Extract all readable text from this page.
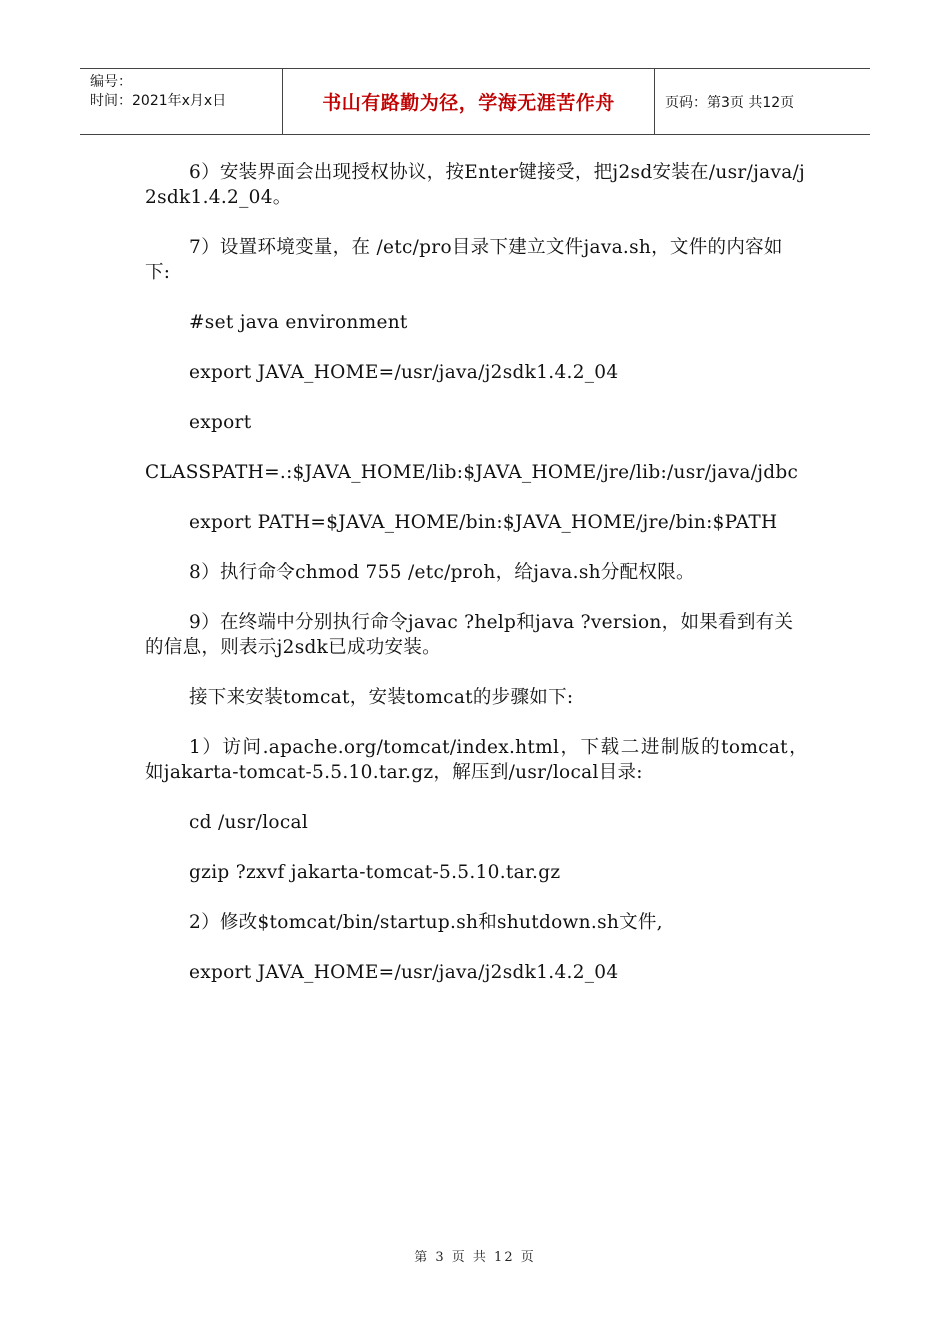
编号：
时间：2021年x月x日	书山有路勤为径，学海无涯苦作舟	页码：第3页 共12页

6）安装界面会出现授权协议，按Enter键接受，把j2sd安装在/usr/java/j2sdk1.4.2_04。

7）设置环境变量，在 /etc/pro目录下建立文件java.sh，文件的内容如下:

#set java environment

export JAVA_HOME=/usr/java/j2sdk1.4.2_04

export

CLASSPATH=.:$JAVA_HOME/lib:$JAVA_HOME/jre/lib:/usr/java/jdbc

export PATH=$JAVA_HOME/bin:$JAVA_HOME/jre/bin:$PATH

8）执行命令chmod 755 /etc/proh，给java.sh分配权限。

9）在终端中分别执行命令javac ?help和java ?version，如果看到有关的信息，则表示j2sdk已成功安装。

接下来安装tomcat，安装tomcat的步骤如下:

1）访问.apache.org/tomcat/index.html，下载二进制版的tomcat，如jakarta-tomcat-5.5.10.tar.gz，解压到/usr/local目录:

cd /usr/local

gzip ?zxvf jakarta-tomcat-5.5.10.tar.gz

2）修改$tomcat/bin/startup.sh和shutdown.sh文件,

export JAVA_HOME=/usr/java/j2sdk1.4.2_04

第 3 页 共 12 页
